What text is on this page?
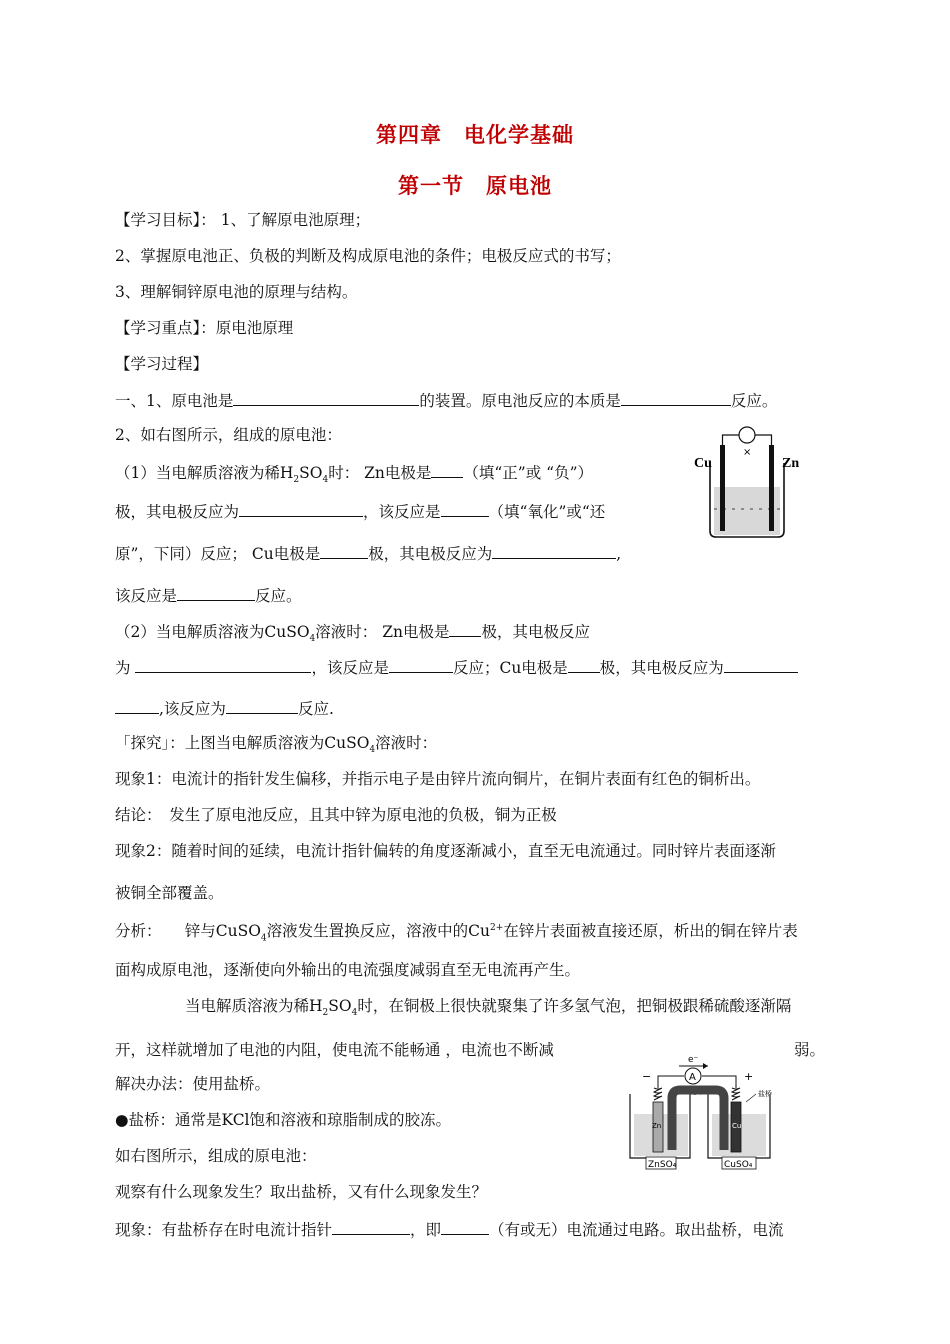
第四章　电化学基础
第一节　原电池
【学习目标】： 1、了解原电池原理；
2、掌握原电池正、负极的判断及构成原电池的条件；电极反应式的书写；
3、理解铜锌原电池的原理与结构。
【学习重点】：原电池原理
【学习过程】
一、1、原电池是	的装置。原电池反应的本质是	反应。
2、如右图所示，组成的原电池：
（1）当电解质溶液为稀$H_2SO_4$时： Zn电极是 （填“正”或 “负”）
极，其电极反应为	，该反应是	（填“氧化”或“还
原”，下同）反应； Cu电极是	极，其电极反应为	,
该反应是	反应。
（2）当电解质溶液为CuSO$_4$溶液时： Zn电极是 极，其电极反应
为	，该反应是	反应；Cu电极是 极，其电极反应为
,该反应为	反应.
「探究」：上图当电解质溶液为CuSO$_4$溶液时：
现象1：电流计的指针发生偏移，并指示电子是由锌片流向铜片，在铜片表面有红色的铜析出。
结论：　发生了原电池反应，且其中锌为原电池的负极，铜为正极
现象2：随着时间的延续，电流计指针偏转的角度逐渐减小，直至无电流通过。同时锌片表面逐渐
被铜全部覆盖。
分析：　　锌与CuSO$_4$溶液发生置换反应，溶液中的$Cu^{2+}$在锌片表面被直接还原，析出的铜在锌片表
面构成原电池，逐渐使向外输出的电流强度减弱直至无电流再产生。
当电解质溶液为稀$H_2SO_4$时，在铜极上很快就聚集了许多氢气泡，把铜极跟稀硫酸逐渐隔
开，这样就增加了电池的内阻，使电流不能畅通 ，电流也不断减	弱。
解决办法：使用盐桥。
●盐桥：通常是KCl饱和溶液和琼脂制成的胶冻。
如右图所示，组成的原电池：
观察有什么现象发生？取出盐桥，又有什么现象发生？
现象：有盐桥存在时电流计指针	，即	（有或无）电流通过电路。取出盐桥，电流
×
Cu	Zn
e⁻
A
电流计
−	+
盐桥
Zn	Cu
ZnSO₄	CuSO₄
